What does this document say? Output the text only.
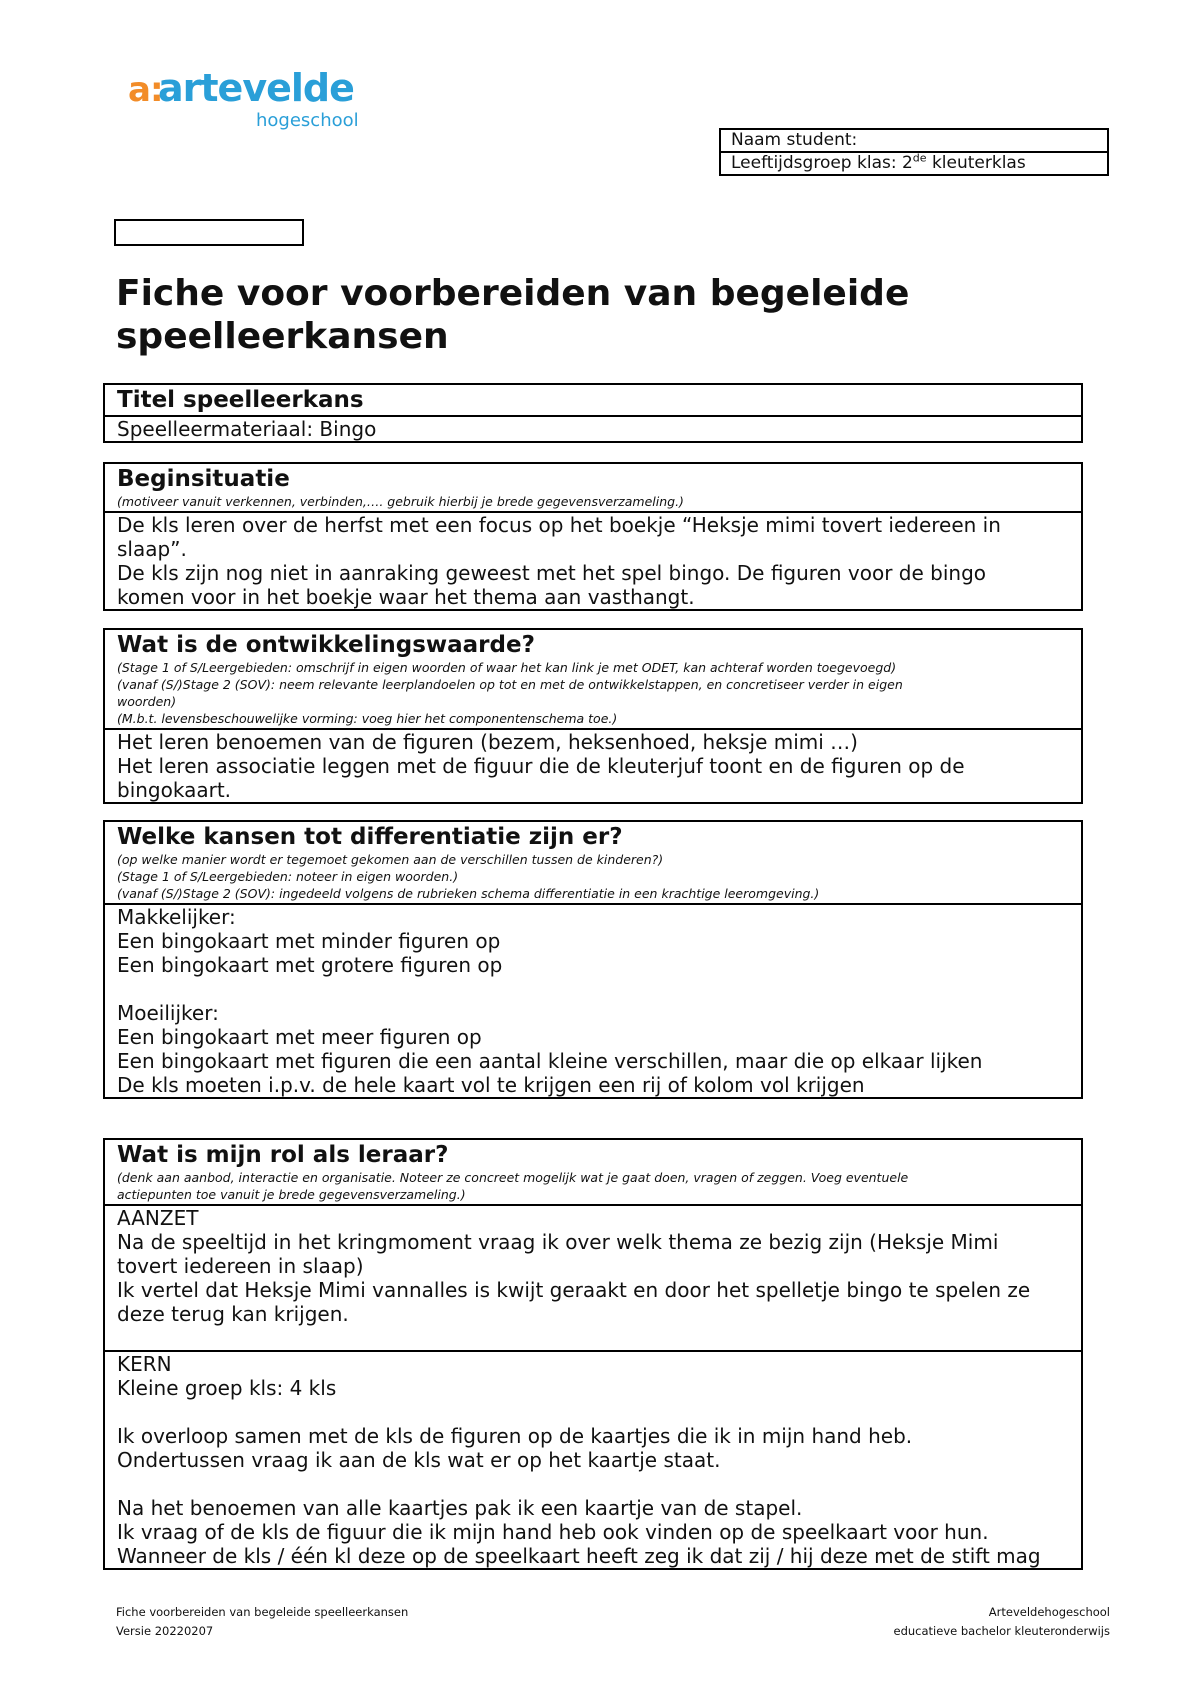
a:
artevelde
hogeschool
Naam student:
Leeftijdsgroep klas: 2de kleuterklas
Fiche voor voorbereiden van begeleide speelleerkansen
Titel speelleerkans
Speelleermateriaal: Bingo
Beginsituatie
(motiveer vanuit verkennen, verbinden,…. gebruik hierbij je brede gegevensverzameling.)
De kls leren over de herfst met een focus op het boekje “Heksje mimi tovert iedereen in
slaap”.
De kls zijn nog niet in aanraking geweest met het spel bingo. De figuren voor de bingo
komen voor in het boekje waar het thema aan vasthangt.
Wat is de ontwikkelingswaarde?
(Stage 1 of S/Leergebieden: omschrijf in eigen woorden of waar het kan link je met ODET, kan achteraf worden toegevoegd)
(vanaf (S/)Stage 2 (SOV): neem relevante leerplandoelen op tot en met de ontwikkelstappen, en concretiseer verder in eigen
woorden)
(M.b.t. levensbeschouwelijke vorming: voeg hier het componentenschema toe.)
Het leren benoemen van de figuren (bezem, heksenhoed, heksje mimi …)
Het leren associatie leggen met de figuur die de kleuterjuf toont en de figuren op de
bingokaart.
Welke kansen tot differentiatie zijn er?
(op welke manier wordt er tegemoet gekomen aan de verschillen tussen de kinderen?)
(Stage 1 of S/Leergebieden: noteer in eigen woorden.)
(vanaf (S/)Stage 2 (SOV): ingedeeld volgens de rubrieken schema differentiatie in een krachtige leeromgeving.)
Makkelijker:
Een bingokaart met minder figuren op
Een bingokaart met grotere figuren op
Moeilijker:
Een bingokaart met meer figuren op
Een bingokaart met figuren die een aantal kleine verschillen, maar die op elkaar lijken
De kls moeten i.p.v. de hele kaart vol te krijgen een rij of kolom vol krijgen
Wat is mijn rol als leraar?
(denk aan aanbod, interactie en organisatie. Noteer ze concreet mogelijk wat je gaat doen, vragen of zeggen. Voeg eventuele
actiepunten toe vanuit je brede gegevensverzameling.)
AANZET
Na de speeltijd in het kringmoment vraag ik over welk thema ze bezig zijn (Heksje Mimi
tovert iedereen in slaap)
Ik vertel dat Heksje Mimi vannalles is kwijt geraakt en door het spelletje bingo te spelen ze
deze terug kan krijgen.
KERN
Kleine groep kls: 4 kls
Ik overloop samen met de kls de figuren op de kaartjes die ik in mijn hand heb.
Ondertussen vraag ik aan de kls wat er op het kaartje staat.
Na het benoemen van alle kaartjes pak ik een kaartje van de stapel.
Ik vraag of de kls de figuur die ik mijn hand heb ook vinden op de speelkaart voor hun.
Wanneer de kls / één kl deze op de speelkaart heeft zeg ik dat zij / hij deze met de stift mag
Fiche voorbereiden van begeleide speelleerkansen
Versie 20220207
Arteveldehogeschool
educatieve bachelor kleuteronderwijs
